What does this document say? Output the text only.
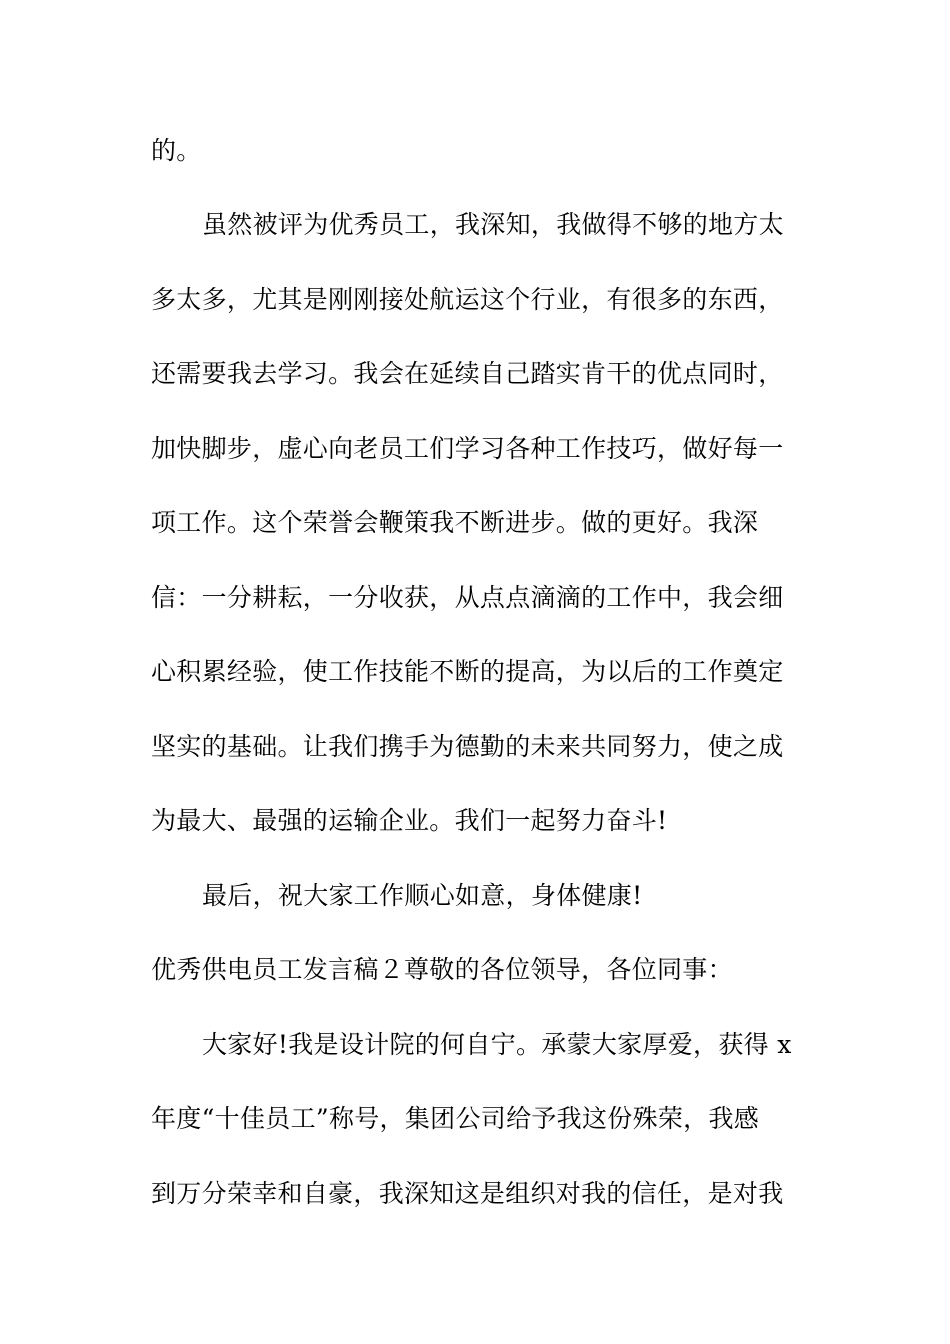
的。
虽然被评为优秀员工，我深知，我做得不够的地方太
多太多，尤其是刚刚接处航运这个行业，有很多的东西，
还需要我去学习。我会在延续自己踏实肯干的优点同时，
加快脚步，虚心向老员工们学习各种工作技巧，做好每一
项工作。这个荣誉会鞭策我不断进步。做的更好。我深
信：一分耕耘，一分收获，从点点滴滴的工作中，我会细
心积累经验，使工作技能不断的提高，为以后的工作奠定
坚实的基础。让我们携手为德勤的未来共同努力，使之成
为最大、最强的运输企业。我们一起努力奋斗!
最后，祝大家工作顺心如意，身体健康!
优秀供电员工发言稿２尊敬的各位领导，各位同事：
大家好!我是设计院的何自宁。承蒙大家厚爱，获得 x
年度“十佳员工”称号，集团公司给予我这份殊荣，我感
到万分荣幸和自豪，我深知这是组织对我的信任，是对我
